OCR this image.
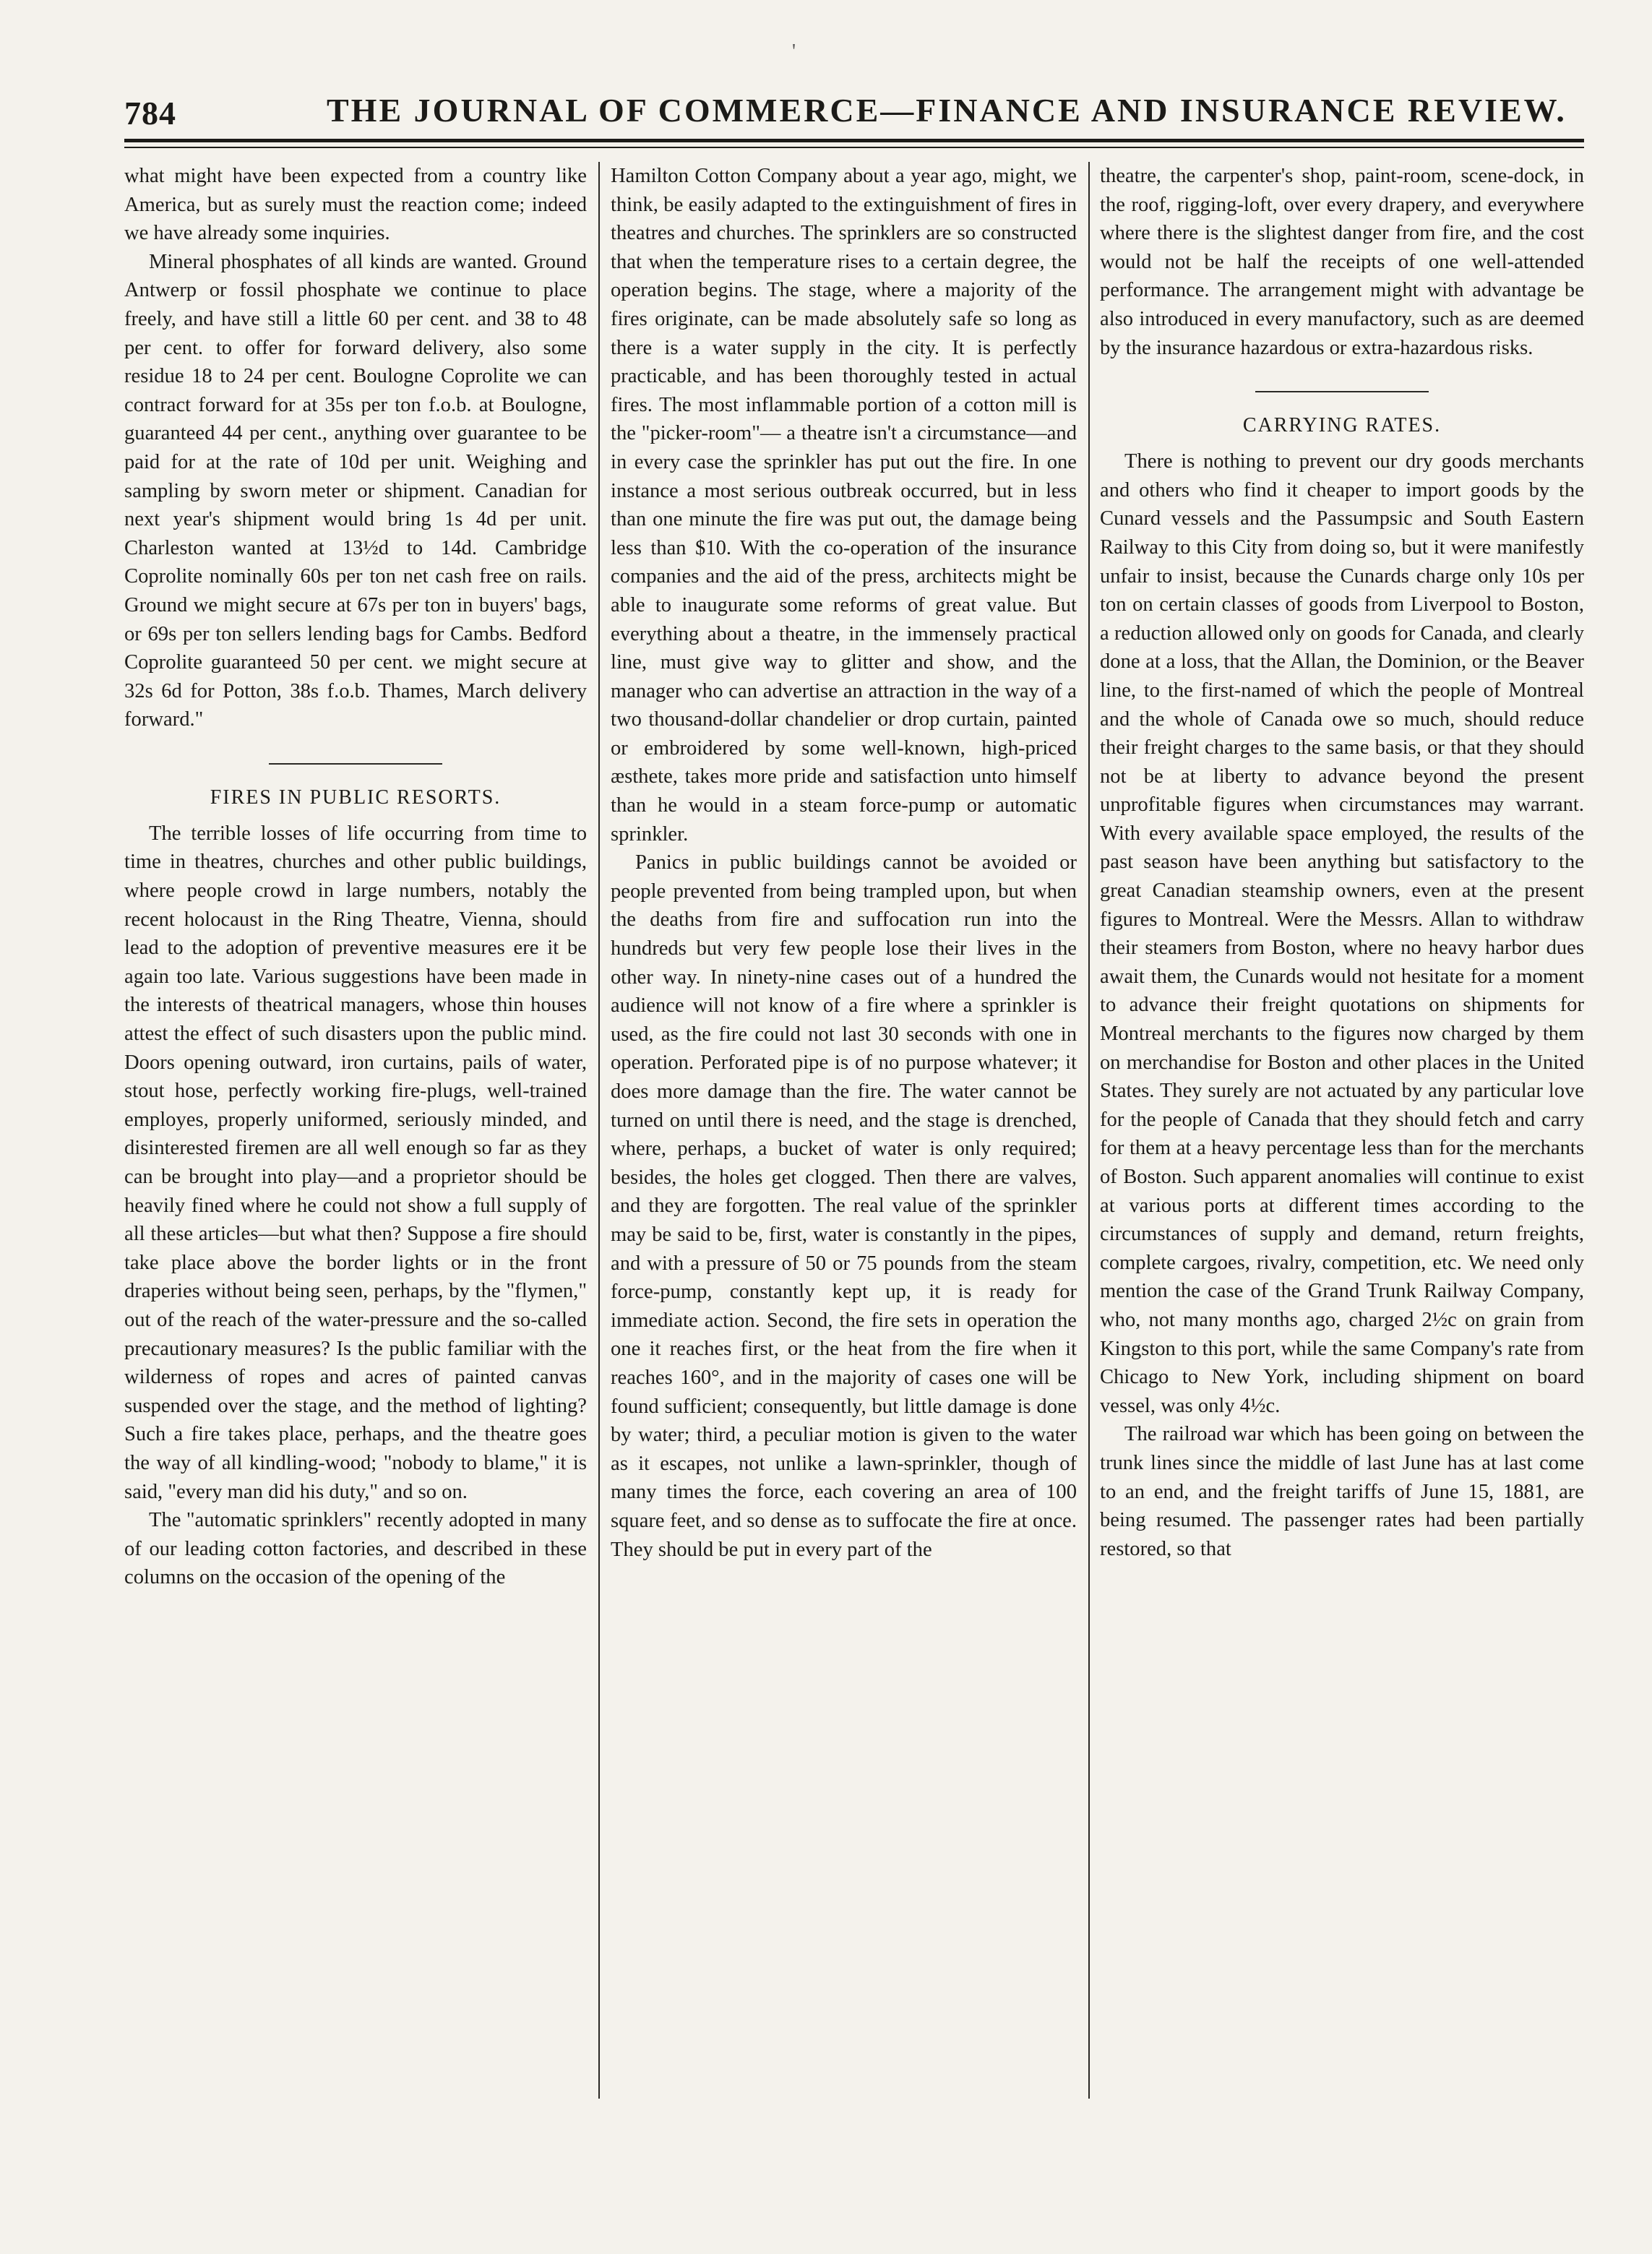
'
784	THE JOURNAL OF COMMERCE—FINANCE AND INSURANCE REVIEW.

what might have been expected from a country like America, but as surely must the reaction come; indeed we have already some inquiries.

Mineral phosphates of all kinds are wanted. Ground Antwerp or fossil phosphate we continue to place freely, and have still a little 60 per cent. and 38 to 48 per cent. to offer for forward delivery, also some residue 18 to 24 per cent. Boulogne Coprolite we can contract forward for at 35s per ton f.o.b. at Boulogne, guaranteed 44 per cent., anything over guarantee to be paid for at the rate of 10d per unit. Weighing and sampling by sworn meter or shipment. Canadian for next year's shipment would bring 1s 4d per unit. Charleston wanted at 13½d to 14d. Cambridge Coprolite nominally 60s per ton net cash free on rails. Ground we might secure at 67s per ton in buyers' bags, or 69s per ton sellers lending bags for Cambs. Bedford Coprolite guaranteed 50 per cent. we might secure at 32s 6d for Potton, 38s f.o.b. Thames, March delivery forward."

FIRES IN PUBLIC RESORTS.

The terrible losses of life occurring from time to time in theatres, churches and other public buildings, where people crowd in large numbers, notably the recent holocaust in the Ring Theatre, Vienna, should lead to the adoption of preventive measures ere it be again too late. Various suggestions have been made in the interests of theatrical managers, whose thin houses attest the effect of such disasters upon the public mind. Doors opening outward, iron curtains, pails of water, stout hose, perfectly working fire-plugs, well-trained employes, properly uniformed, seriously minded, and disinterested firemen are all well enough so far as they can be brought into play—and a proprietor should be heavily fined where he could not show a full supply of all these articles—but what then? Suppose a fire should take place above the border lights or in the front draperies without being seen, perhaps, by the "flymen," out of the reach of the water-pressure and the so-called precautionary measures? Is the public familiar with the wilderness of ropes and acres of painted canvas suspended over the stage, and the method of lighting? Such a fire takes place, perhaps, and the theatre goes the way of all kindling-wood; "nobody to blame," it is said, "every man did his duty," and so on.

The "automatic sprinklers" recently adopted in many of our leading cotton factories, and described in these columns on the occasion of the opening of the

Hamilton Cotton Company about a year ago, might, we think, be easily adapted to the extinguishment of fires in theatres and churches. The sprinklers are so constructed that when the temperature rises to a certain degree, the operation begins. The stage, where a majority of the fires originate, can be made absolutely safe so long as there is a water supply in the city. It is perfectly practicable, and has been thoroughly tested in actual fires. The most inflammable portion of a cotton mill is the "picker-room"— a theatre isn't a circumstance—and in every case the sprinkler has put out the fire. In one instance a most serious outbreak occurred, but in less than one minute the fire was put out, the damage being less than $10. With the co-operation of the insurance companies and the aid of the press, architects might be able to inaugurate some reforms of great value. But everything about a theatre, in the immensely practical line, must give way to glitter and show, and the manager who can advertise an attraction in the way of a two thousand-dollar chandelier or drop curtain, painted or embroidered by some well-known, high-priced æsthete, takes more pride and satisfaction unto himself than he would in a steam force-pump or automatic sprinkler.

Panics in public buildings cannot be avoided or people prevented from being trampled upon, but when the deaths from fire and suffocation run into the hundreds but very few people lose their lives in the other way. In ninety-nine cases out of a hundred the audience will not know of a fire where a sprinkler is used, as the fire could not last 30 seconds with one in operation. Perforated pipe is of no purpose whatever; it does more damage than the fire. The water cannot be turned on until there is need, and the stage is drenched, where, perhaps, a bucket of water is only required; besides, the holes get clogged. Then there are valves, and they are forgotten. The real value of the sprinkler may be said to be, first, water is constantly in the pipes, and with a pressure of 50 or 75 pounds from the steam force-pump, constantly kept up, it is ready for immediate action. Second, the fire sets in operation the one it reaches first, or the heat from the fire when it reaches 160°, and in the majority of cases one will be found sufficient; consequently, but little damage is done by water; third, a peculiar motion is given to the water as it escapes, not unlike a lawn-sprinkler, though of many times the force, each covering an area of 100 square feet, and so dense as to suffocate the fire at once. They should be put in every part of the

theatre, the carpenter's shop, paint-room, scene-dock, in the roof, rigging-loft, over every drapery, and everywhere where there is the slightest danger from fire, and the cost would not be half the receipts of one well-attended performance. The arrangement might with advantage be also introduced in every manufactory, such as are deemed by the insurance hazardous or extra-hazardous risks.

CARRYING RATES.

There is nothing to prevent our dry goods merchants and others who find it cheaper to import goods by the Cunard vessels and the Passumpsic and South Eastern Railway to this City from doing so, but it were manifestly unfair to insist, because the Cunards charge only 10s per ton on certain classes of goods from Liverpool to Boston, a reduction allowed only on goods for Canada, and clearly done at a loss, that the Allan, the Dominion, or the Beaver line, to the first-named of which the people of Montreal and the whole of Canada owe so much, should reduce their freight charges to the same basis, or that they should not be at liberty to advance beyond the present unprofitable figures when circumstances may warrant. With every available space employed, the results of the past season have been anything but satisfactory to the great Canadian steamship owners, even at the present figures to Montreal. Were the Messrs. Allan to withdraw their steamers from Boston, where no heavy harbor dues await them, the Cunards would not hesitate for a moment to advance their freight quotations on shipments for Montreal merchants to the figures now charged by them on merchandise for Boston and other places in the United States. They surely are not actuated by any particular love for the people of Canada that they should fetch and carry for them at a heavy percentage less than for the merchants of Boston. Such apparent anomalies will continue to exist at various ports at different times according to the circumstances of supply and demand, return freights, complete cargoes, rivalry, competition, etc. We need only mention the case of the Grand Trunk Railway Company, who, not many months ago, charged 2½c on grain from Kingston to this port, while the same Company's rate from Chicago to New York, including shipment on board vessel, was only 4½c.

The railroad war which has been going on between the trunk lines since the middle of last June has at last come to an end, and the freight tariffs of June 15, 1881, are being resumed. The passenger rates had been partially restored, so that
